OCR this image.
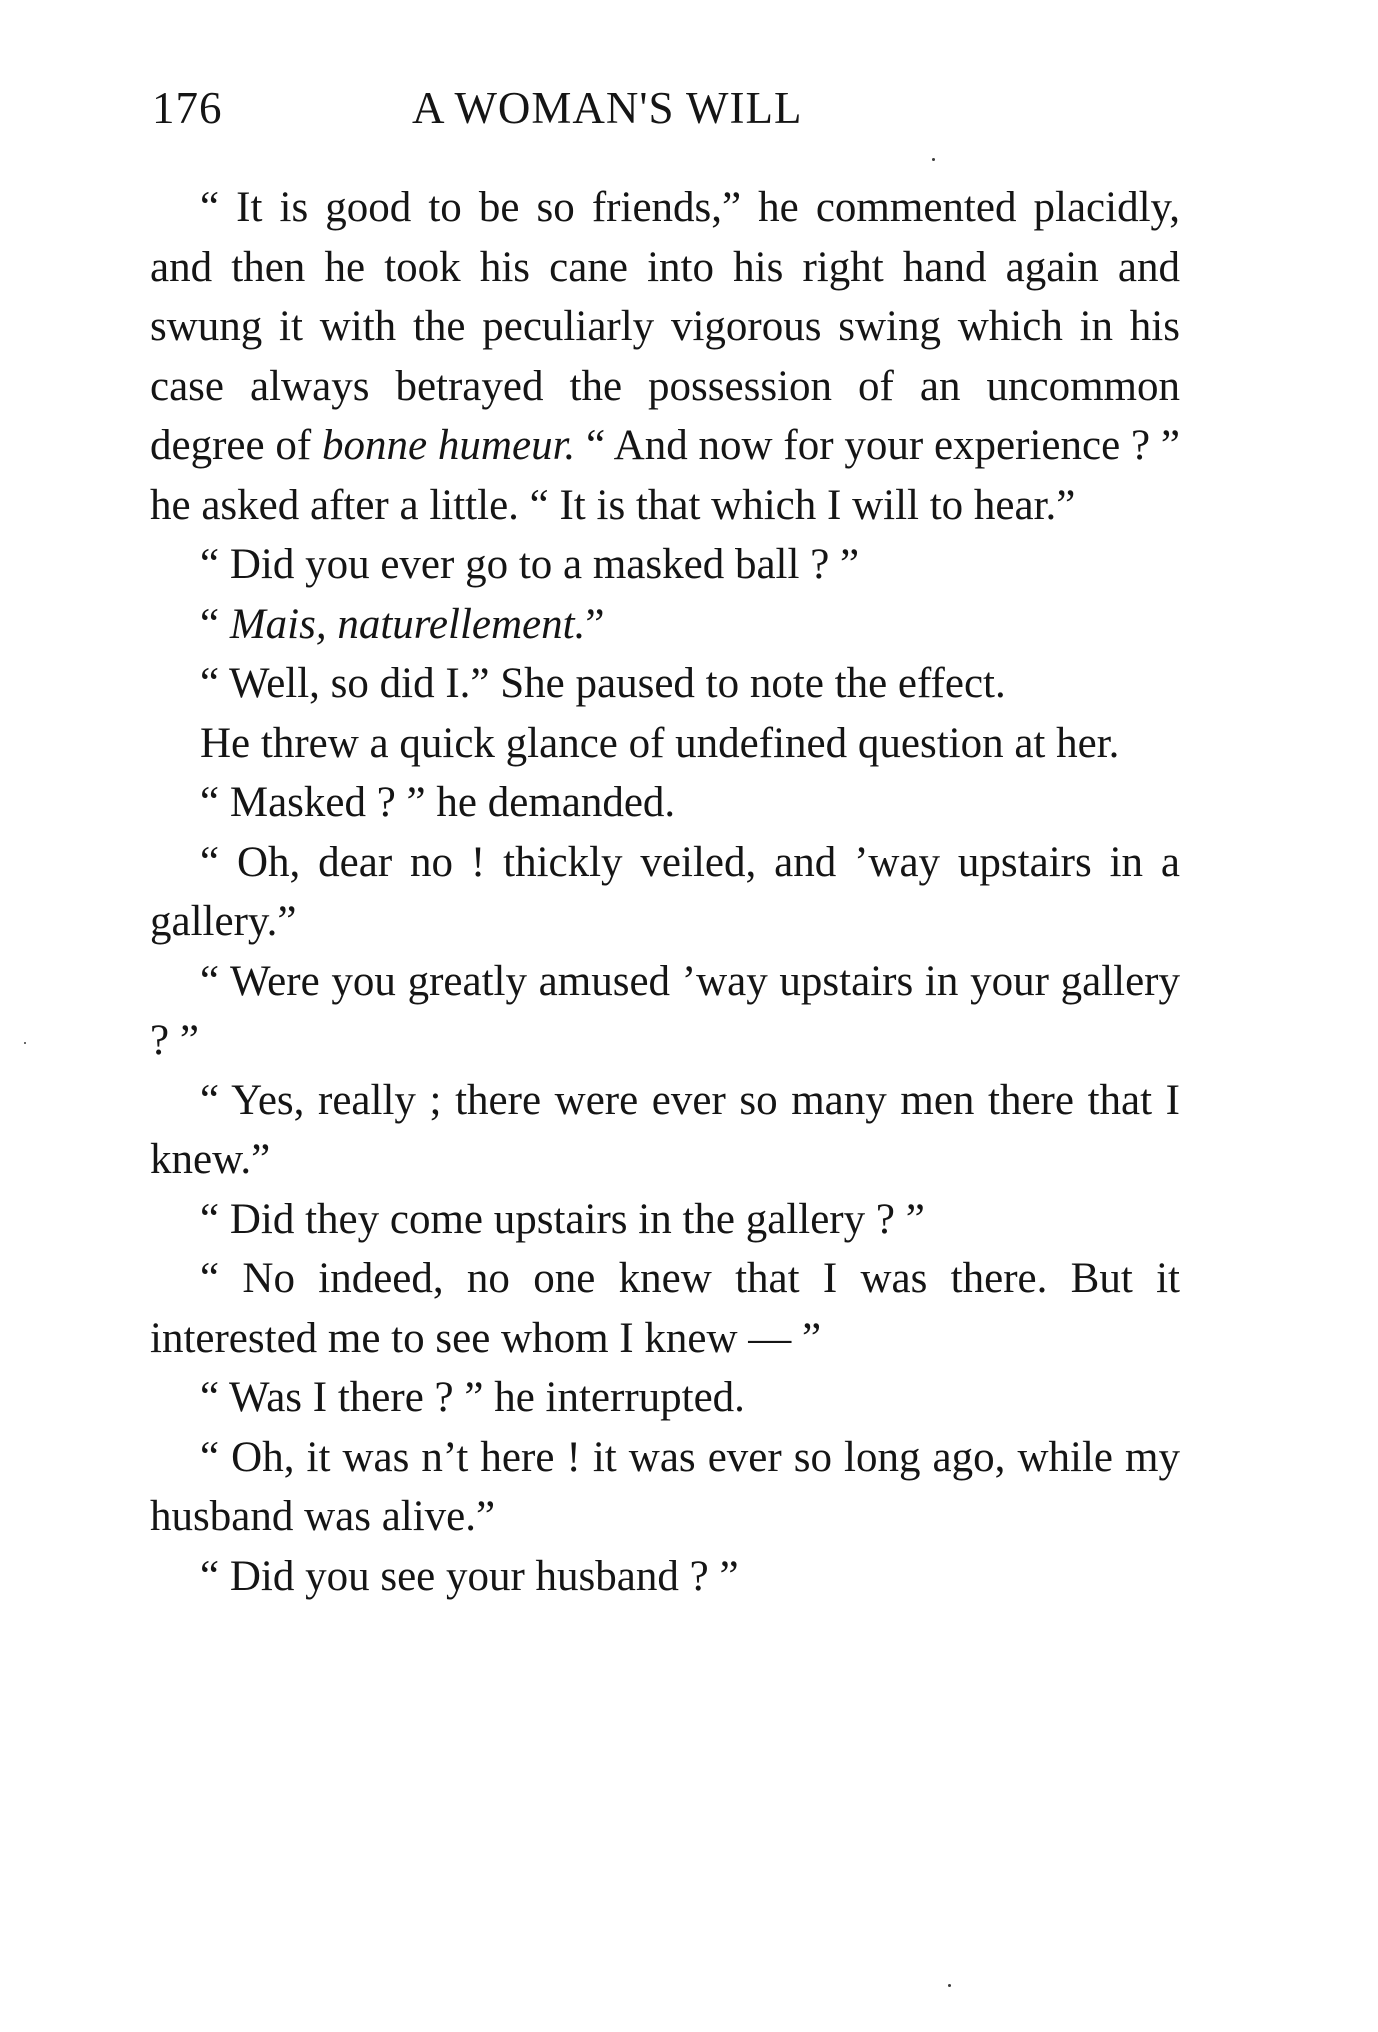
176	A WOMAN'S WILL

“ It is good to be so friends,” he commented placidly, and then he took his cane into his right hand again and swung it with the peculiarly vigorous swing which in his case always betrayed the possession of an uncommon degree of bonne humeur. “ And now for your experience ? ” he asked after a little. “ It is that which I will to hear.”

“ Did you ever go to a masked ball ? ”

“ Mais, naturellement.”

“ Well, so did I.” She paused to note the effect.

He threw a quick glance of undefined question at her.

“ Masked ? ” he demanded.

“ Oh, dear no ! thickly veiled, and ’way upstairs in a gallery.”

“ Were you greatly amused ’way upstairs in your gallery ? ”

“ Yes, really ; there were ever so many men there that I knew.”

“ Did they come upstairs in the gallery ? ”

“ No indeed, no one knew that I was there. But it interested me to see whom I knew — ”

“ Was I there ? ” he interrupted.

“ Oh, it was n’t here ! it was ever so long ago, while my husband was alive.”

“ Did you see your husband ? ”
